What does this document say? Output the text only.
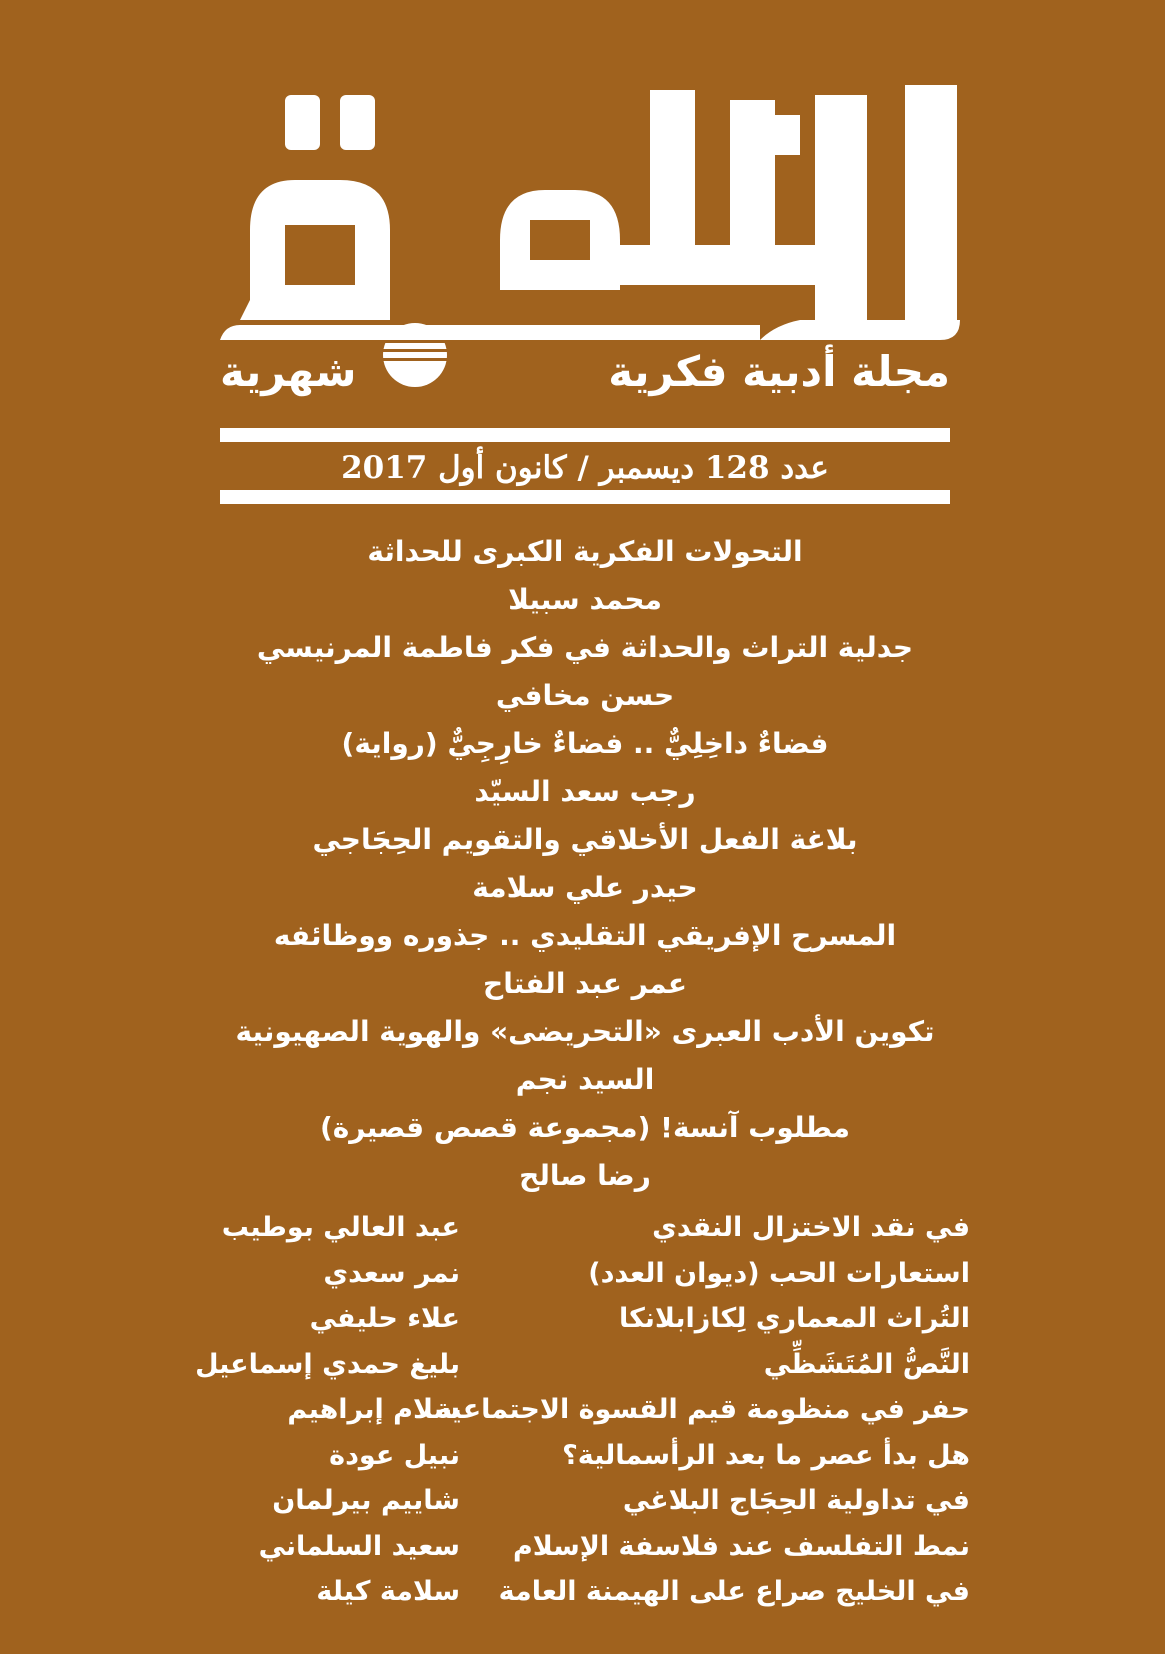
مجلة أدبية فكرية
شهرية
عدد 128 ديسمبر / كانون أول 2017
التحولات الفكرية الكبرى للحداثة
محمد سبيلا
جدلية التراث والحداثة في فكر فاطمة المرنيسي
حسن مخافي
فضاءٌ داخِلِيٌّ .. فضاءٌ خارِجِيٌّ (رواية)
رجب سعد السيّد
بلاغة الفعل الأخلاقي والتقويم الحِجَاجي
حيدر علي سلامة
المسرح الإفريقي التقليدي .. جذوره ووظائفه
عمر عبد الفتاح
تكوين الأدب العبرى «التحريضى» والهوية الصهيونية
السيد نجم
مطلوب آنسة! (مجموعة قصص قصيرة)
رضا صالح
في نقد الاختزال النقدي
عبد العالي بوطيب
استعارات الحب (ديوان العدد)
نمر سعدي
التُراث المعماري لِكازابلانكا
علاء حليفي
النَّصُّ المُتَشَظِّي
بليغ حمدي إسماعيل
حفر في منظومة قيم القسوة الاجتماعية
سلام إبراهيم
هل بدأ عصر ما بعد الرأسمالية؟
نبيل عودة
في تداولية الحِجَاج البلاغي
شاييم بيرلمان
نمط التفلسف عند فلاسفة الإسلام
سعيد السلماني
في الخليج صراع على الهيمنة العامة
سلامة كيلة
